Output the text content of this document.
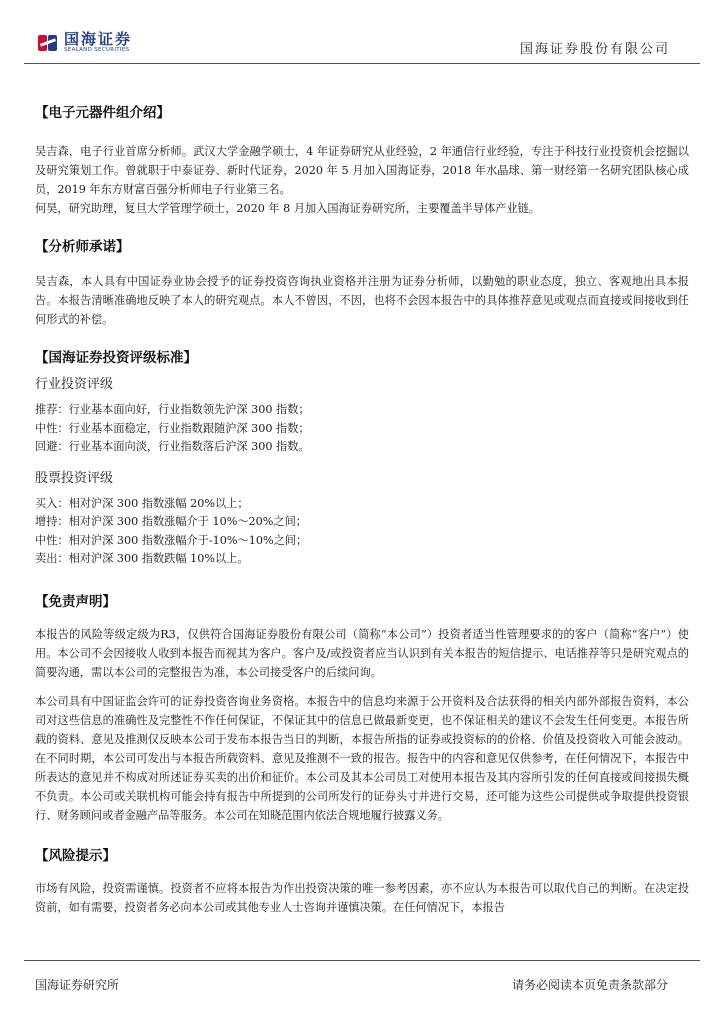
国海证券
SEALAND SECURITIES	国海证券股份有限公司
【电子元器件组介绍】

吴吉森，电子行业首席分析师。武汉大学金融学硕士，4 年证券研究从业经验，2 年通信行业经验，专注于科技行业投资机会挖掘以及研究策划工作。曾就职于中泰证券、新时代证券，2020 年 5 月加入国海证券，2018 年水晶球、第一财经第一名研究团队核心成员，2019 年东方财富百强分析师电子行业第三名。

何昊，研究助理，复旦大学管理学硕士，2020 年 8 月加入国海证券研究所，主要覆盖半导体产业链。

【分析师承诺】

吴吉森，本人具有中国证券业协会授予的证券投资咨询执业资格并注册为证券分析师，以勤勉的职业态度，独立、客观地出具本报告。本报告清晰准确地反映了本人的研究观点。本人不曾因，不因，也将不会因本报告中的具体推荐意见或观点而直接或间接收到任何形式的补偿。

【国海证券投资评级标准】
行业投资评级
推荐：行业基本面向好，行业指数领先沪深 300 指数；
中性：行业基本面稳定，行业指数跟随沪深 300 指数；
回避：行业基本面向淡，行业指数落后沪深 300 指数。
股票投资评级
买入：相对沪深 300 指数涨幅 20%以上；
增持：相对沪深 300 指数涨幅介于 10%～20%之间；
中性：相对沪深 300 指数涨幅介于-10%～10%之间；
卖出：相对沪深 300 指数跌幅 10%以上。
【免责声明】

本报告的风险等级定级为R3，仅供符合国海证券股份有限公司（简称“本公司”）投资者适当性管理要求的的客户（简称“客户”）使用。本公司不会因接收人收到本报告而视其为客户。客户及/或投资者应当认识到有关本报告的短信提示、电话推荐等只是研究观点的简要沟通，需以本公司的完整报告为准，本公司接受客户的后续问询。

本公司具有中国证监会许可的证券投资咨询业务资格。本报告中的信息均来源于公开资料及合法获得的相关内部外部报告资料，本公司对这些信息的准确性及完整性不作任何保证，不保证其中的信息已做最新变更，也不保证相关的建议不会发生任何变更。本报告所载的资料、意见及推测仅反映本公司于发布本报告当日的判断，本报告所指的证券或投资标的的价格、价值及投资收入可能会波动。在不同时期，本公司可发出与本报告所载资料、意见及推测不一致的报告。报告中的内容和意见仅供参考，在任何情况下，本报告中所表达的意见并不构成对所述证券买卖的出价和征价。本公司及其本公司员工对使用本报告及其内容所引发的任何直接或间接损失概不负责。本公司或关联机构可能会持有报告中所提到的公司所发行的证券头寸并进行交易，还可能为这些公司提供或争取提供投资银行、财务顾问或者金融产品等服务。本公司在知晓范围内依法合规地履行披露义务。

【风险提示】

市场有风险，投资需谨慎。投资者不应将本报告为作出投资决策的唯一参考因素，亦不应认为本报告可以取代自己的判断。在决定投资前，如有需要，投资者务必向本公司或其他专业人士咨询并谨慎决策。在任何情况下，本报告

国海证券研究所	请务必阅读本页免责条款部分
